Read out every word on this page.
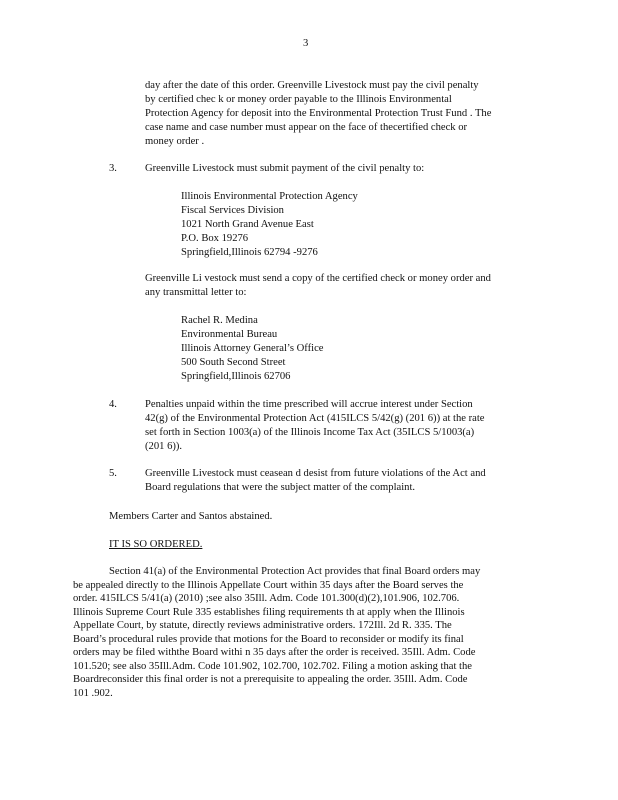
3
day after the date of this order. Greenville Livestock must pay the civil penalty
by certified chec k or money order payable to the Illinois Environmental
Protection Agency for deposit into the Environmental Protection Trust Fund . The
case name and case number must appear on the face of thecertified check or
money order .
3.	Greenville Livestock must submit payment of the civil penalty to:
Illinois Environmental Protection Agency
Fiscal Services Division
1021 North Grand Avenue East
P.O. Box 19276
Springfield,Illinois 62794 -9276
Greenville Li vestock must send a copy of the certified check or money order and
any transmittal letter to:
Rachel R. Medina
Environmental Bureau
Illinois Attorney General’s Office
500 South Second Street
Springfield,Illinois 62706
4.	Penalties unpaid within the time prescribed will accrue interest under Section
42(g) of the Environmental Protection Act (415ILCS 5/42(g) (201 6)) at the rate
set forth in Section 1003(a) of the Illinois Income Tax Act (35ILCS 5/1003(a)
(201 6)).
5.	Greenville Livestock must ceasean d desist from future violations of the Act and
Board regulations that were the subject matter of the complaint.
Members Carter and Santos abstained.
IT IS SO ORDERED.
Section 41(a) of the Environmental Protection Act provides that final Board orders may
be appealed directly to the Illinois Appellate Court within 35 days after the Board serves the
order. 415ILCS 5/41(a) (2010) ;see also 35Ill. Adm. Code 101.300(d)(2),101.906, 102.706.
Illinois Supreme Court Rule 335 establishes filing requirements th at apply when the Illinois
Appellate Court, by statute, directly reviews administrative orders. 172Ill. 2d R. 335. The
Board’s procedural rules provide that motions for the Board to reconsider or modify its final
orders may be filed withthe Board withi n 35 days after the order is received. 35Ill. Adm. Code
101.520; see also 35Ill.Adm. Code 101.902, 102.700, 102.702. Filing a motion asking that the
Boardreconsider this final order is not a prerequisite to appealing the order. 35Ill. Adm. Code
101 .902.
